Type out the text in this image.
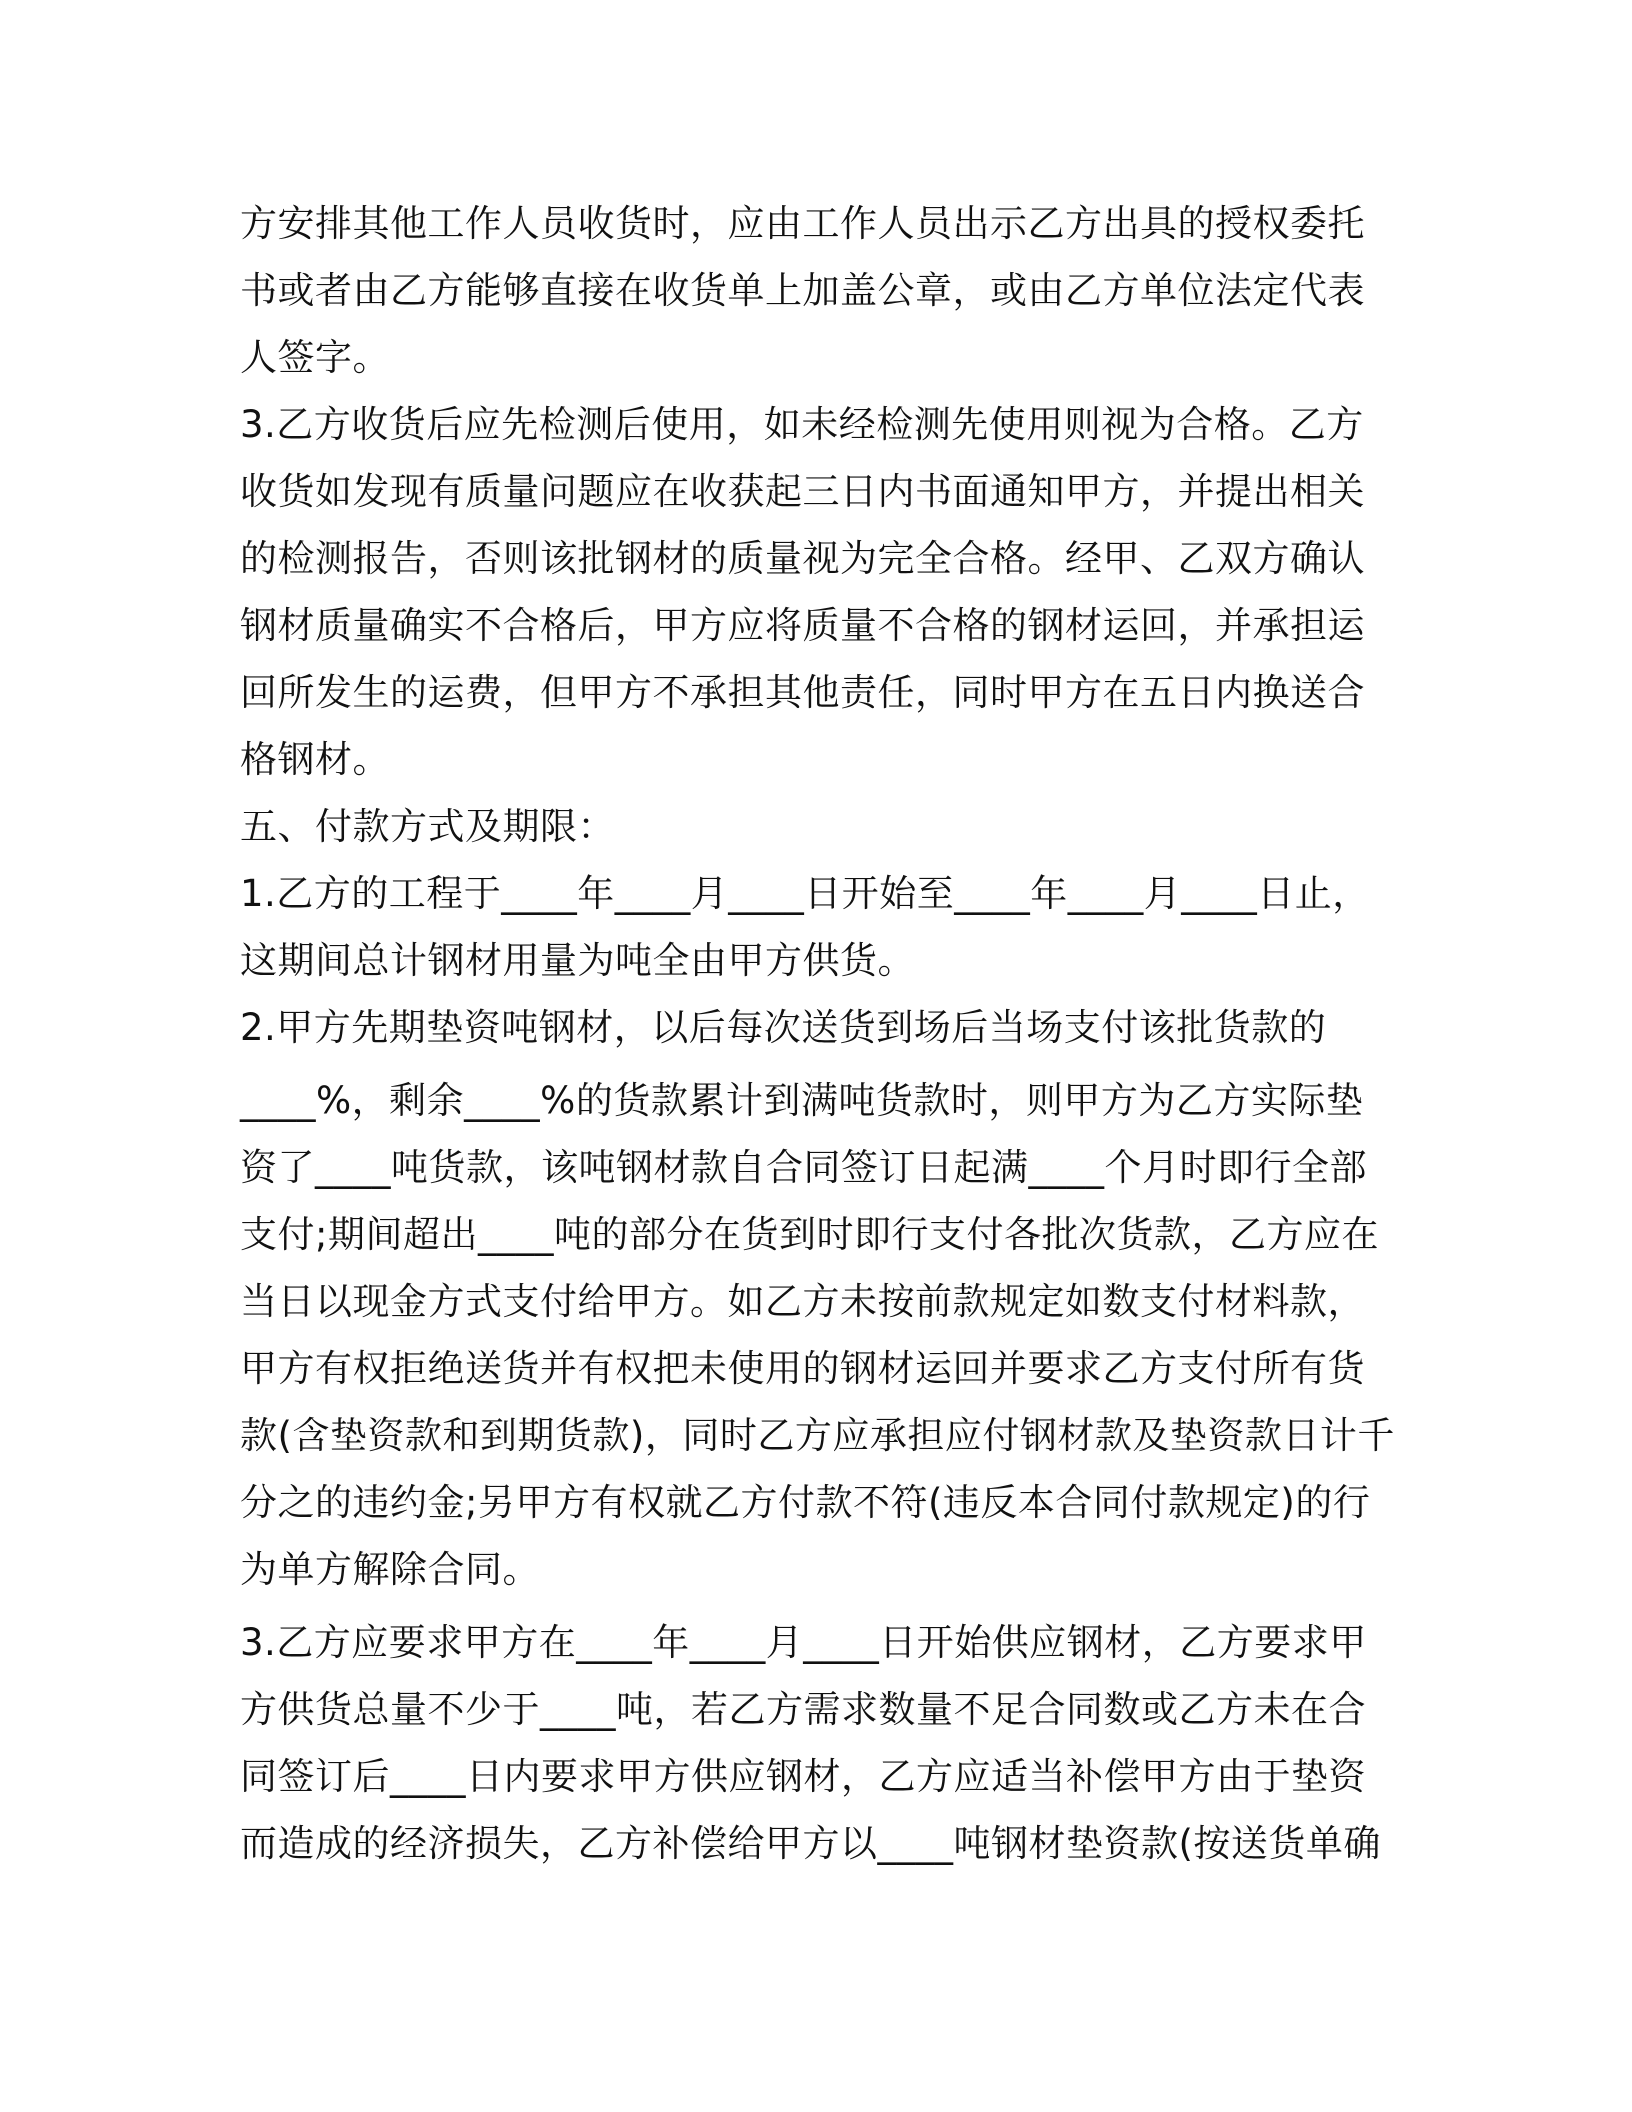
方安排其他工作人员收货时，应由工作人员出示乙方出具的授权委托
书或者由乙方能够直接在收货单上加盖公章，或由乙方单位法定代表
人签字。
3.乙方收货后应先检测后使用，如未经检测先使用则视为合格。乙方
收货如发现有质量问题应在收获起三日内书面通知甲方，并提出相关
的检测报告，否则该批钢材的质量视为完全合格。经甲、乙双方确认
钢材质量确实不合格后，甲方应将质量不合格的钢材运回，并承担运
回所发生的运费，但甲方不承担其他责任，同时甲方在五日内换送合
格钢材。
五、付款方式及期限：
1.乙方的工程于____年____月____日开始至____年____月____日止，
这期间总计钢材用量为吨全由甲方供货。
2.甲方先期垫资吨钢材，以后每次送货到场后当场支付该批货款的
____%，剩余____%的货款累计到满吨货款时，则甲方为乙方实际垫
资了____吨货款，该吨钢材款自合同签订日起满____个月时即行全部
支付;期间超出____吨的部分在货到时即行支付各批次货款，乙方应在
当日以现金方式支付给甲方。如乙方未按前款规定如数支付材料款，
甲方有权拒绝送货并有权把未使用的钢材运回并要求乙方支付所有货
款(含垫资款和到期货款)，同时乙方应承担应付钢材款及垫资款日计千
分之的违约金;另甲方有权就乙方付款不符(违反本合同付款规定)的行
为单方解除合同。
3.乙方应要求甲方在____年____月____日开始供应钢材，乙方要求甲
方供货总量不少于____吨，若乙方需求数量不足合同数或乙方未在合
同签订后____日内要求甲方供应钢材，乙方应适当补偿甲方由于垫资
而造成的经济损失，乙方补偿给甲方以____吨钢材垫资款(按送货单确
